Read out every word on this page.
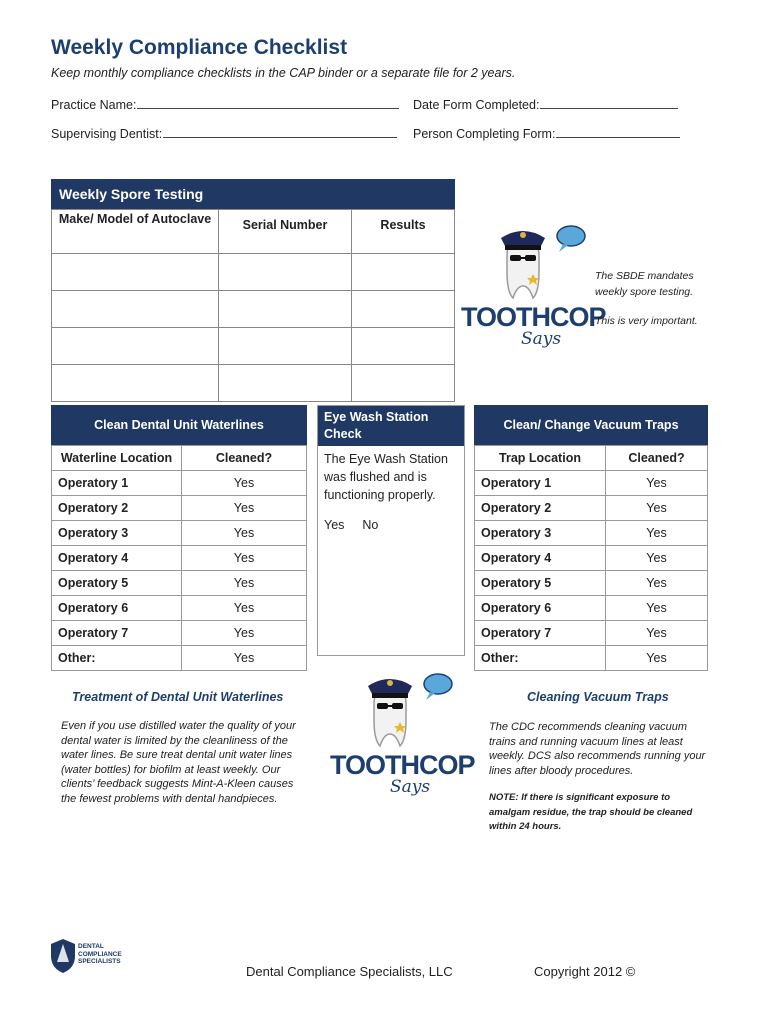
Weekly Compliance Checklist
Keep monthly compliance checklists in the CAP binder or a separate file for 2 years.
Practice Name:	Date Form Completed:
Supervising Dentist:	Person Completing Form:
Weekly Spore Testing
Make/ Model of Autoclave	Serial Number	Results

TOOTHCOP
Says
The SBDE mandates
weekly spore testing.
This is very important.
Clean Dental Unit Waterlines
Waterline Location	Cleaned?
Operatory 1	Yes
Operatory 2	Yes
Operatory 3	Yes
Operatory 4	Yes
Operatory 5	Yes
Operatory 6	Yes
Operatory 7	Yes
Other:	Yes
Eye Wash Station
Check
The Eye Wash Station was flushed and is functioning properly.
Yes No
Clean/ Change Vacuum Traps
Trap Location	Cleaned?
Operatory 1	Yes
Operatory 2	Yes
Operatory 3	Yes
Operatory 4	Yes
Operatory 5	Yes
Operatory 6	Yes
Operatory 7	Yes
Other:	Yes
Treatment of Dental Unit Waterlines
Even if you use distilled water the quality of your dental water is limited by the cleanliness of the water lines. Be sure treat dental unit water lines (water bottles) for biofilm at least weekly. Our clients’ feedback suggests Mint-A-Kleen causes the fewest problems with dental handpieces.
TOOTHCOP
Says
Cleaning Vacuum Traps
The CDC recommends cleaning vacuum trains and running vacuum lines at least weekly. DCS also recommends running your lines after bloody procedures.
NOTE: If there is significant exposure to amalgam residue, the trap should be cleaned within 24 hours.
DENTAL
COMPLIANCE
SPECIALISTS
Dental Compliance Specialists, LLC	Copyright 2012 ©
